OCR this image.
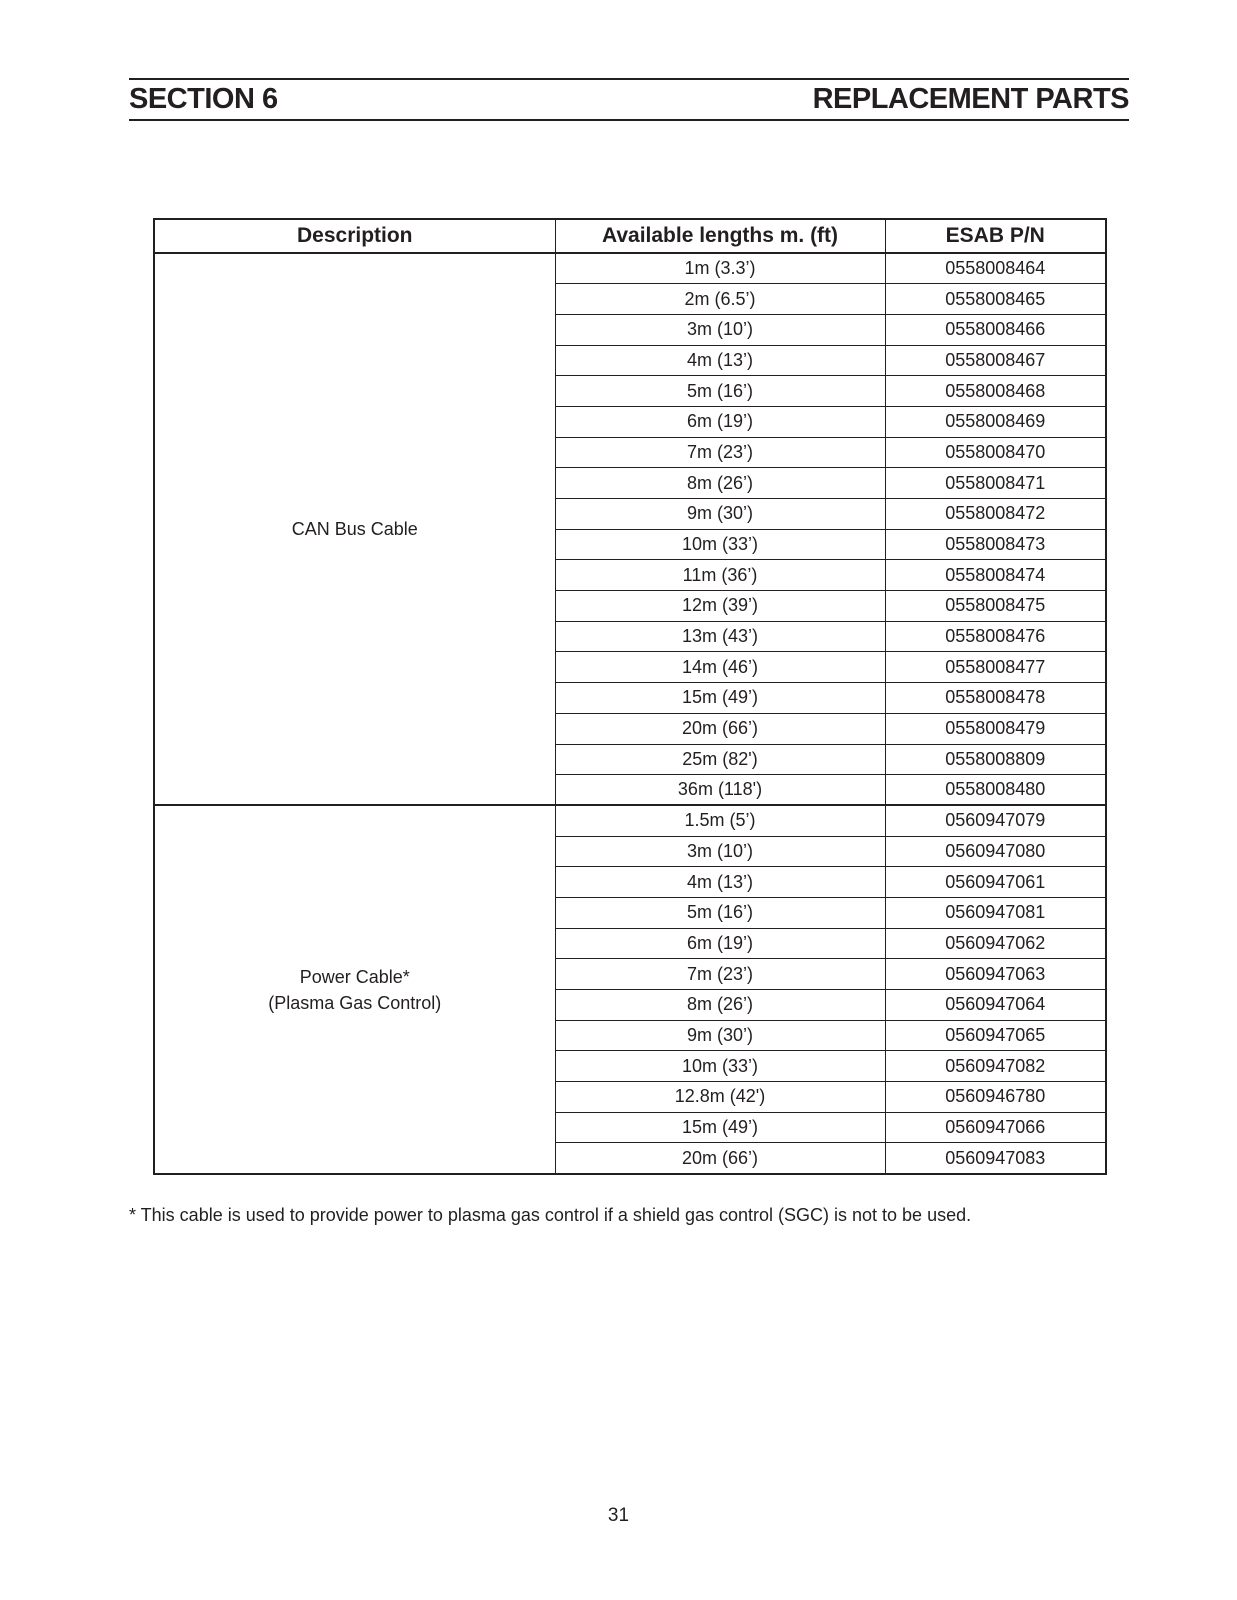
SECTION 6	REPLACEMENT PARTS
Description	Available lengths m. (ft)	ESAB P/N

CAN Bus Cable	1m (3.3’)	0558008464
	2m (6.5’)	0558008465
	3m (10’)	0558008466
	4m (13’)	0558008467
	5m (16’)	0558008468
	6m (19’)	0558008469
	7m (23’)	0558008470
	8m (26’)	0558008471
	9m (30’)	0558008472
	10m (33’)	0558008473
	11m (36’)	0558008474
	12m (39’)	0558008475
	13m (43’)	0558008476
	14m (46’)	0558008477
	15m (49’)	0558008478
	20m (66’)	0558008479
	25m (82')	0558008809
	36m (118')	0558008480

Power Cable*
(Plasma Gas Control)	1.5m (5’)	0560947079
	3m (10’)	0560947080
	4m (13’)	0560947061
	5m (16’)	0560947081
	6m (19’)	0560947062
	7m (23’)	0560947063
	8m (26’)	0560947064
	9m (30’)	0560947065
	10m (33’)	0560947082
	12.8m (42')	0560946780
	15m (49’)	0560947066
	20m (66’)	0560947083
* This cable is used to provide power to plasma gas control if a shield gas control (SGC) is not to be used.
31
